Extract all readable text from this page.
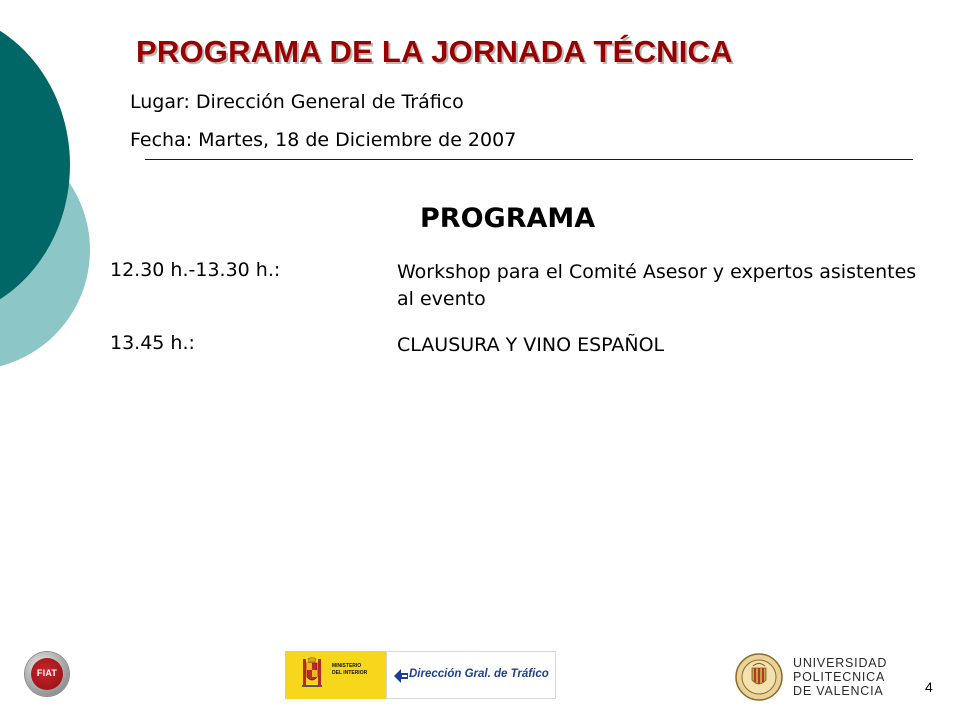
PROGRAMA DE LA JORNADA TÉCNICA
Lugar: Dirección General de Tráfico
Fecha: Martes, 18 de Diciembre de 2007
PROGRAMA
12.30 h.-13.30 h.:	Workshop para el Comité Asesor y expertos asistentes al evento
13.45 h.:	CLAUSURA Y VINO ESPAÑOL
FIAT
MINISTERIO
DEL INTERIOR	Dirección Gral. de Tráfico
UNIVERSIDAD
POLITECNICA
DE VALENCIA	4
